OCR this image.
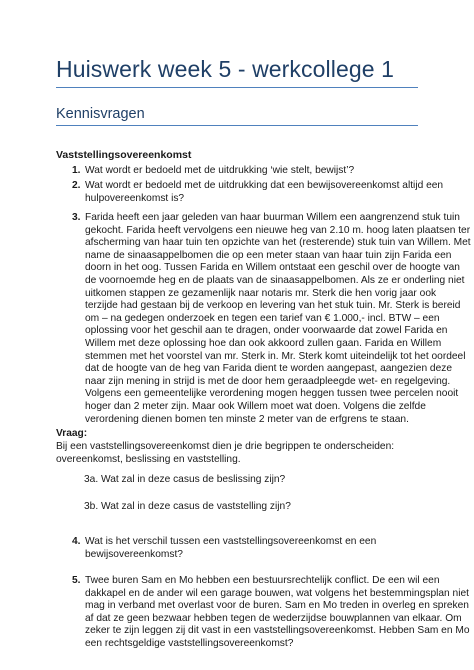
Huiswerk week 5 - werkcollege 1
Kennisvragen
Vaststellingsovereenkomst
1. Wat wordt er bedoeld met de uitdrukking ‘wie stelt, bewijst’?
2. Wat wordt er bedoeld met de uitdrukking dat een bewijsovereenkomst altijd een
hulpovereenkomst is?
3. Farida heeft een jaar geleden van haar buurman Willem een aangrenzend stuk tuin
gekocht. Farida heeft vervolgens een nieuwe heg van 2.10 m. hoog laten plaatsen ter
afscherming van haar tuin ten opzichte van het (resterende) stuk tuin van Willem. Met
name de sinaasappelbomen die op een meter staan van haar tuin zijn Farida een
doorn in het oog. Tussen Farida en Willem ontstaat een geschil over de hoogte van
de voornoemde heg en de plaats van de sinaasappelbomen. Als ze er onderling niet
uitkomen stappen ze gezamenlijk naar notaris mr. Sterk die hen vorig jaar ook
terzijde had gestaan bij de verkoop en levering van het stuk tuin. Mr. Sterk is bereid
om – na gedegen onderzoek en tegen een tarief van € 1.000,- incl. BTW – een
oplossing voor het geschil aan te dragen, onder voorwaarde dat zowel Farida en
Willem met deze oplossing hoe dan ook akkoord zullen gaan. Farida en Willem
stemmen met het voorstel van mr. Sterk in. Mr. Sterk komt uiteindelijk tot het oordeel
dat de hoogte van de heg van Farida dient te worden aangepast, aangezien deze
naar zijn mening in strijd is met de door hem geraadpleegde wet- en regelgeving.
Volgens een gemeentelijke verordening mogen heggen tussen twee percelen nooit
hoger dan 2 meter zijn. Maar ook Willem moet wat doen. Volgens die zelfde
verordening dienen bomen ten minste 2 meter van de erfgrens te staan.
Vraag:
Bij een vaststellingsovereenkomst dien je drie begrippen te onderscheiden:
overeenkomst, beslissing en vaststelling.
3a. Wat zal in deze casus de beslissing zijn?
3b. Wat zal in deze casus de vaststelling zijn?
4. Wat is het verschil tussen een vaststellingsovereenkomst en een
bewijsovereenkomst?
5. Twee buren Sam en Mo hebben een bestuursrechtelijk conflict. De een wil een
dakkapel en de ander wil een garage bouwen, wat volgens het bestemmingsplan niet
mag in verband met overlast voor de buren. Sam en Mo treden in overleg en spreken
af dat ze geen bezwaar hebben tegen de wederzijdse bouwplannen van elkaar. Om
zeker te zijn leggen zij dit vast in een vaststellingsovereenkomst. Hebben Sam en Mo
een rechtsgeldige vaststellingsovereenkomst?
